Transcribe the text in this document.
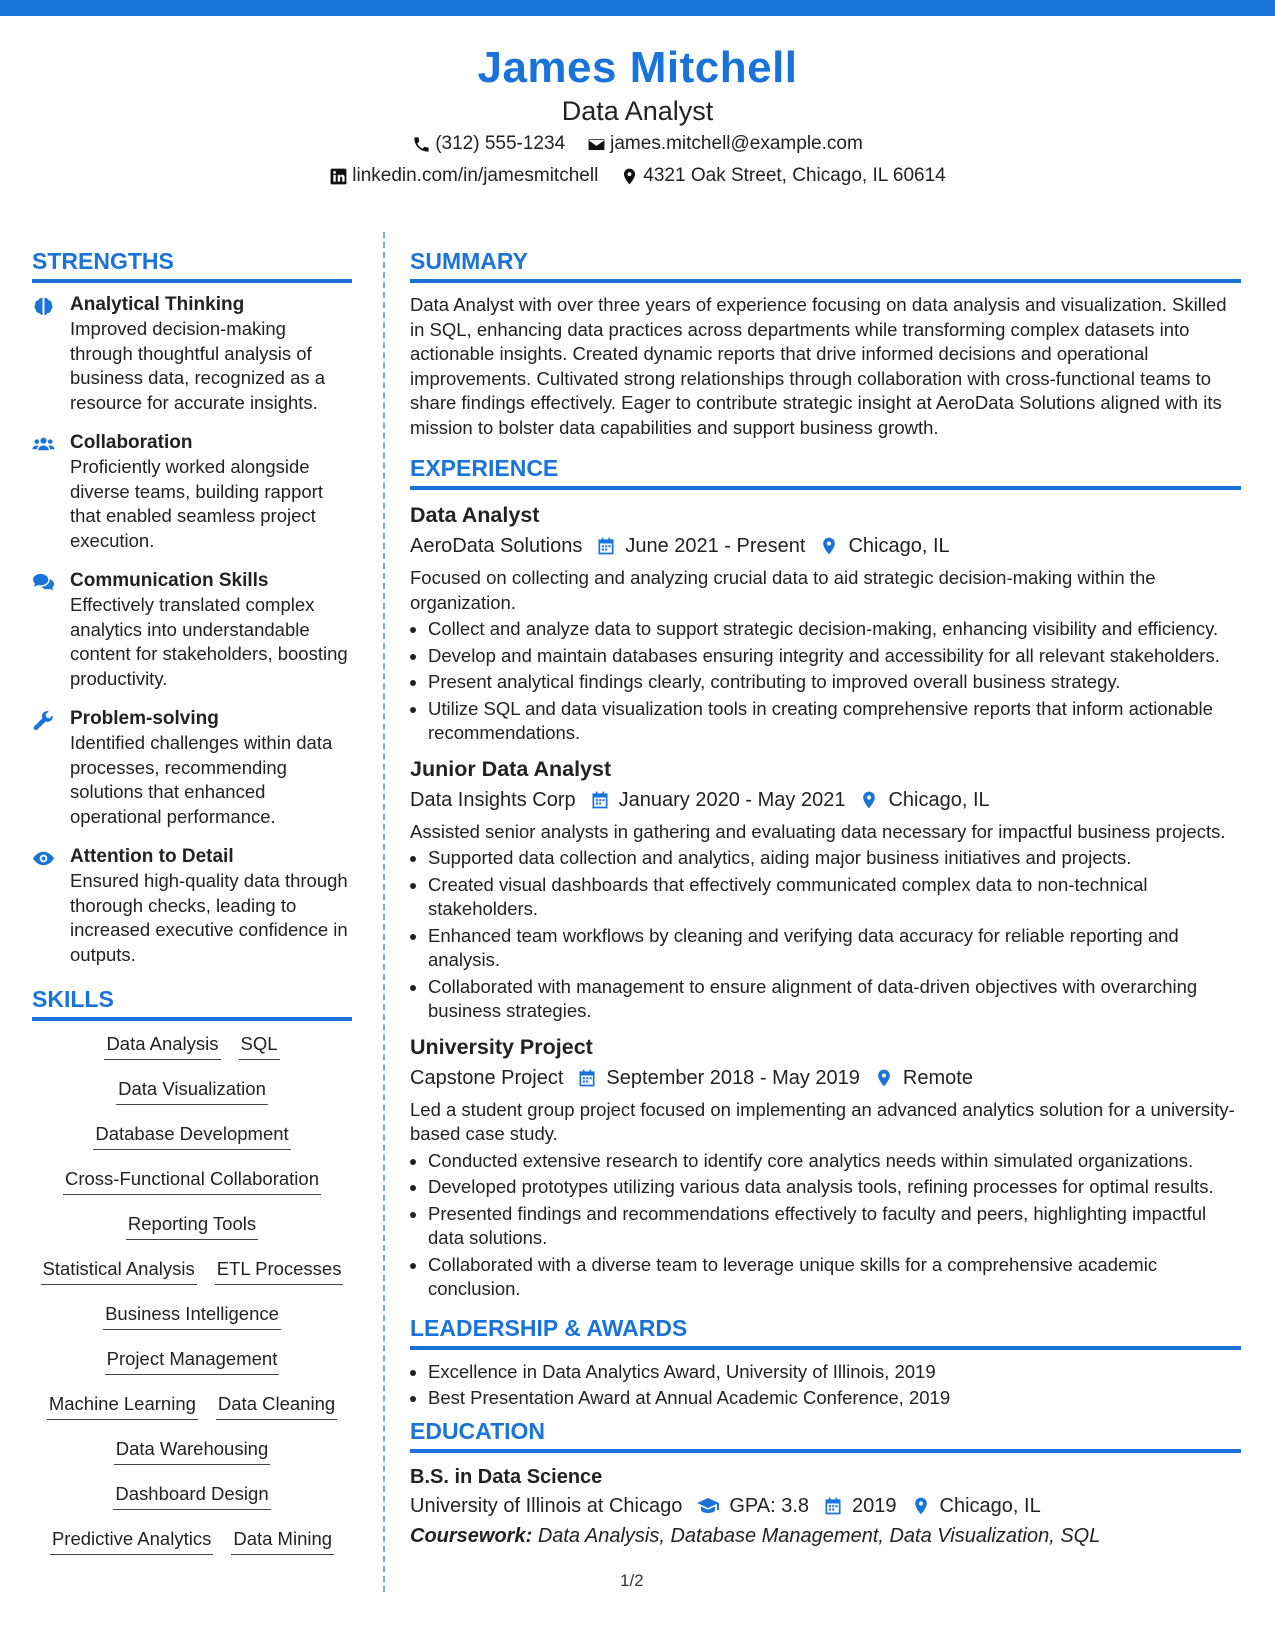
James Mitchell
Data Analyst
(312) 555-1234 james.mitchell@example.com
linkedin.com/in/jamesmitchell 4321 Oak Street, Chicago, IL 60614
STRENGTHS
Analytical Thinking
Improved decision-making through thoughtful analysis of business data, recognized as a resource for accurate insights.
Collaboration
Proficiently worked alongside diverse teams, building rapport that enabled seamless project execution.
Communication Skills
Effectively translated complex analytics into understandable content for stakeholders, boosting productivity.
Problem-solving
Identified challenges within data processes, recommending solutions that enhanced operational performance.
Attention to Detail
Ensured high-quality data through thorough checks, leading to increased executive confidence in outputs.
SKILLS
Data Analysis SQL
Data Visualization
Database Development
Cross-Functional Collaboration
Reporting Tools
Statistical Analysis ETL Processes
Business Intelligence
Project Management
Machine Learning Data Cleaning
Data Warehousing
Dashboard Design
Predictive Analytics Data Mining
SUMMARY
Data Analyst with over three years of experience focusing on data analysis and visualization. Skilled in SQL, enhancing data practices across departments while transforming complex datasets into actionable insights. Created dynamic reports that drive informed decisions and operational improvements. Cultivated strong relationships through collaboration with cross-functional teams to share findings effectively. Eager to contribute strategic insight at AeroData Solutions aligned with its mission to bolster data capabilities and support business growth.
EXPERIENCE
Data Analyst
AeroData Solutions June 2021 - Present Chicago, IL
Focused on collecting and analyzing crucial data to aid strategic decision-making within the organization.
• Collect and analyze data to support strategic decision-making, enhancing visibility and efficiency.
• Develop and maintain databases ensuring integrity and accessibility for all relevant stakeholders.
• Present analytical findings clearly, contributing to improved overall business strategy.
• Utilize SQL and data visualization tools in creating comprehensive reports that inform actionable recommendations.
Junior Data Analyst
Data Insights Corp January 2020 - May 2021 Chicago, IL
Assisted senior analysts in gathering and evaluating data necessary for impactful business projects.
• Supported data collection and analytics, aiding major business initiatives and projects.
• Created visual dashboards that effectively communicated complex data to non-technical stakeholders.
• Enhanced team workflows by cleaning and verifying data accuracy for reliable reporting and analysis.
• Collaborated with management to ensure alignment of data-driven objectives with overarching business strategies.
University Project
Capstone Project September 2018 - May 2019 Remote
Led a student group project focused on implementing an advanced analytics solution for a university-based case study.
• Conducted extensive research to identify core analytics needs within simulated organizations.
• Developed prototypes utilizing various data analysis tools, refining processes for optimal results.
• Presented findings and recommendations effectively to faculty and peers, highlighting impactful data solutions.
• Collaborated with a diverse team to leverage unique skills for a comprehensive academic conclusion.
LEADERSHIP & AWARDS
• Excellence in Data Analytics Award, University of Illinois, 2019
• Best Presentation Award at Annual Academic Conference, 2019
EDUCATION
B.S. in Data Science
University of Illinois at Chicago GPA: 3.8 2019 Chicago, IL
Coursework: Data Analysis, Database Management, Data Visualization, SQL
1/2
